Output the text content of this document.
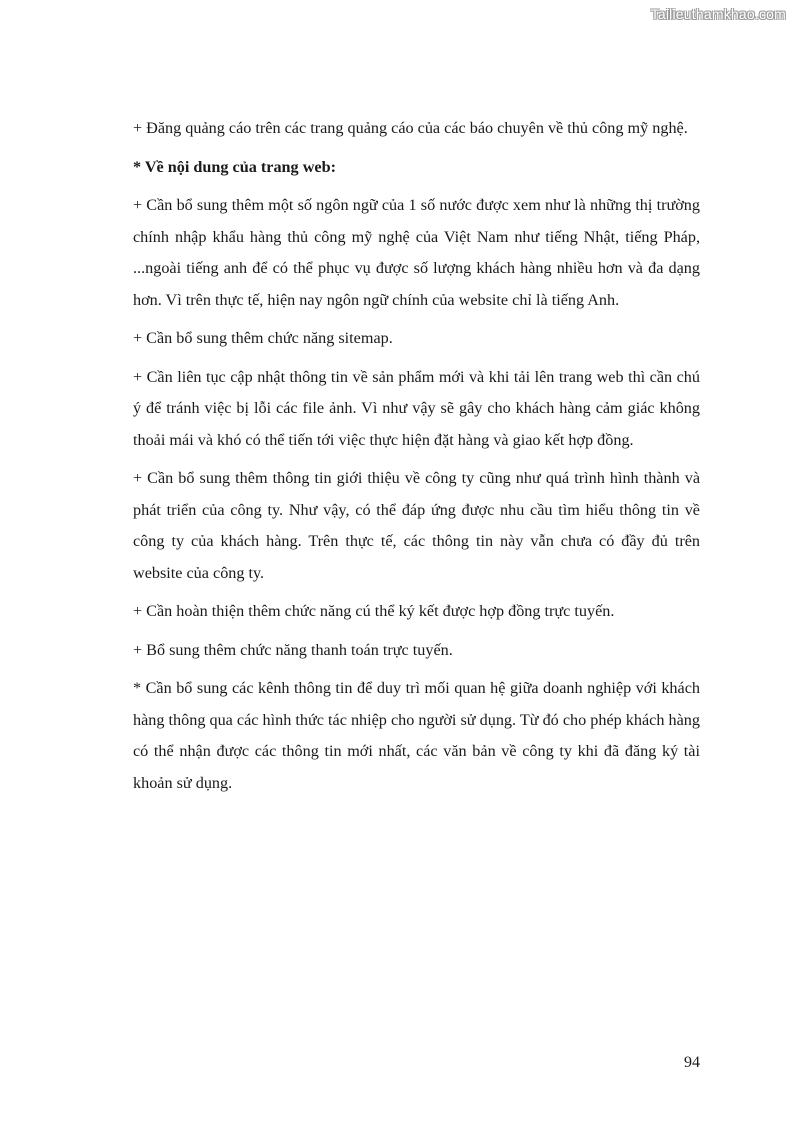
Tailieuthamkhao.com

+ Đăng quảng cáo trên các trang quảng cáo của các báo chuyên về thủ công mỹ nghệ.

* Về nội dung của trang web:

+ Cần bổ sung thêm một số ngôn ngữ của 1 số nước được xem như là những thị trường chính nhập khẩu hàng thủ công mỹ nghệ của Việt Nam như tiếng Nhật, tiếng Pháp, ...ngoài tiếng anh để có thể phục vụ được số lượng khách hàng nhiều hơn và đa dạng hơn. Vì trên thực tế, hiện nay ngôn ngữ chính của website chỉ là tiếng Anh.

+ Cần bổ sung thêm chức năng sitemap.

+ Cần liên tục cập nhật thông tin về sản phẩm mới và khi tải lên trang web thì cần chú ý để tránh việc bị lỗi các file ảnh. Vì như vậy sẽ gây cho khách hàng cảm giác không thoải mái và khó có thể tiến tới việc thực hiện đặt hàng và giao kết hợp đồng.

+ Cần bổ sung thêm thông tin giới thiệu về công ty cũng như quá trình hình thành và phát triển của công ty. Như vậy, có thể đáp ứng được nhu cầu tìm hiểu thông tin về công ty của khách hàng. Trên thực tế, các thông tin này vẫn chưa có đầy đủ trên website của công ty.

+ Cần hoàn thiện thêm chức năng cú thể ký kết được hợp đồng trực tuyến.

+ Bổ sung thêm chức năng thanh toán trực tuyến.

* Cần bổ sung các kênh thông tin để duy trì mối quan hệ giữa doanh nghiệp với khách hàng thông qua các hình thức tác nhiệp cho người sử dụng. Từ đó cho phép khách hàng có thể nhận được các thông tin mới nhất, các văn bản về công ty khi đã đăng ký tài khoản sử dụng.

94
